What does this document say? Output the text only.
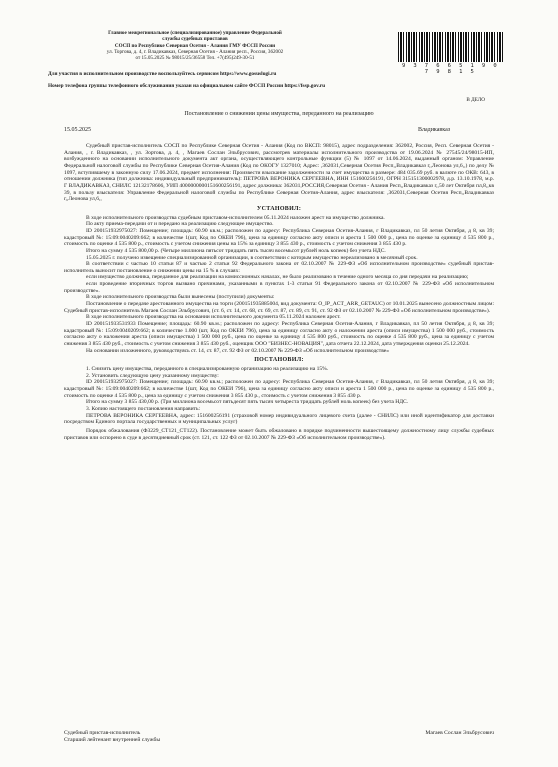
Главное межрегиональное (специализированное) управление Федеральной
службы судебных приставов
СОСП по Республике Северная Осетия - Алания ГМУ ФССП России
ул. Торгова, д. 4, г. Владикавказ, Северная Осетия - Алания респ., Россия, 362002
от 15.05.2025 № 98015/25/36558 Тел. +7(495)249-30-51
9 3 7 6 6 5 1 9 0 7 9 8 1 5
Для участия в исполнительном производстве воспользуйтесь сервисом https://www.gosuslugi.ru
Номер телефона группы телефонного обслуживания указан на официальном сайте ФССП России https://fssp.gov.ru
В ДЕЛО
Постановление о снижении цены имущества, переданного на реализацию
15.05.2025	Владикавказ

Судебный пристав-исполнитель СОСП по Республике Северная Осетия - Алания (Код по ВКСП: 98015), адрес подразделения: 362002, Россия, Респ. Северная Осетия - Алания, , г. Владикавказ, , ул. Зортова, д. 4, , Магаев Сослан Эльбрусович, рассмотрев материалы исполнительного производства от 19.06.2024 № 27545/24/98015-ИП, возбужденного на основании исполнительного документа акт органа, осуществляющего контрольные функции (5) № 1097 от 14.06.2024, выданный органом: Управление Федеральной налоговой службы по Республике Северная Осетия-Алания (Код по ОКОГУ 1327010; Адрес: ,362031,Северная Осетия Респ,,Владикавказ г,,Леонова ул,6,,) по делу № 1097, вступившему в законную силу 17.06.2024, предмет исполнения: Произвести взыскание задолженности за счет имущества в размере: 484 035.69 руб. в валюте по ОКВ: 643, в отношении должника (тип должника: индивидуальный предприниматель): ПЕТРОВА ВЕРОНИКА СЕРГЕЕВНА, ИНН 151600256191, ОГРН 315151300002978, д.р. 13.10.1978, м.р. Г ВЛАДИКАВКАЗ, СНИЛС 12132178606, УИП 400000000015160025619​1, адрес должника: 362031,РОССИЯ,Северная Осетия - Алания Респ,,Владикавказ г,,50 лет Октября пл,8,,кв 39, в пользу взыскателя: Управление Федеральной налоговой службы по Республике Северная Осетия-Алания, адрес взыскателя: ,362031,Северная Осетия Респ,,Владикавказ г,,Леонова ул,6,,

УСТАНОВИЛ:

В ходе исполнительного производства судебным приставом-исполнителем 05.11.2024 наложен арест на имущество должника.

По акту приема-передачи от и передано на реализацию следующее имущество.

ID 200151932975027: Помещение; площадь: 60.90 кв.м.; расположен по адресу: Республика Северная Осетия-Алания, г Владикавказ, пл 50 летия Октября, д 8, кв 39; кадастровый №: 15:09:0040209:662; в количестве 1(шт, Код по ОКЕИ 796), цена за единицу согласно акту описи и ареста 1 500 000 р., цена по оценке за единицу 4 535 800 р., стоимость по оценке 4 535 800 р., стоимость с учетом снижения цены на 15% за единицу 3 855 430 р., стоимость с учетом снижения 3 855 430 р.

Итого на сумму 4 535 800,00 р. (Четыре миллиона пятьсот тридцать пять тысяч восемьсот рублей ноль копеек) без учета НДС.

15.05.2025 г. получено извещение специализированной организации, в соответствии с которым имущество нереализовано в месячный срок.

В соответствии с частью 10 статьи 87 и частью 2 статьи 92 Федерального закона от 02.10.2007 № 229-ФЗ «Об исполнительном производстве» судебный пристав-исполнитель выносит постановление о снижении цены на 15 % в случаях:

если имущество должника, переданное для реализации на комиссионных началах, не было реализовано в течение одного месяца со дня передачи на реализацию;

если проведение вторичных торгов вызвано причинами, указанными в пунктах 1-3 статьи 91 Федерального закона от 02.10.2007 № 229-ФЗ «Об исполнительном производстве».

В ходе исполнительного производства были вынесены (поступили) документы:

Постановление о передаче арестованного имущества на торги (200151935885004, вид документа: O_IP_ACT_ARR_GETAUC) от 10.01.2025 вынесено должностным лицом: Судебный пристав-исполнитель Магаев Сослан Эльбрусович, (ст. 6, ст. 14, ст. 68, ст. 69, ст. 87, ст. 89, ст. 91, ст. 92 ФЗ от 02.10.2007 № 229-ФЗ «Об исполнительном производстве»).

В ходе исполнительного производства на основании исполнительного документа 05.11.2024 наложен арест.

ID 200151933531933 Помещение; площадь: 60.90 кв.м.; расположен по адресу: Республика Северная Осетия-Алания, г Владикавказ, пл 50 летия Октября, д 8, кв 39; кадастровый №: 15:09:0040209:662; в количестве 1.000 (шт, Код по ОКЕИ 796), цена за единицу согласно акту о наложении ареста (описи имущества) 1 500 000 руб., стоимость согласно акту о наложении ареста (описи имущества) 1 500 000 руб., цена по оценке за единицу 4 535 800 руб., стоимость по оценке 4 535 800 руб., цена за единицу с учетом снижения 3 855 430 руб., стоимость с учетом снижения 3 855 430 руб., оценщик ООО "БИЗНЕС-НОВАЦИЯ", дата отчета 22.12.2024, дата утверждения оценки 25.12.2024.

На основании изложенного, руководствуясь ст. 14, ст. 87, ст. 92 ФЗ от 02.10.2007 № 229-ФЗ «Об исполнительном производстве»

ПОСТАНОВИЛ:

1. Снизить цену имущества, переданного в специализированную организацию на реализацию на 15%.

2. Установить следующую цену указанному имуществу:

ID 200151932975027: Помещение; площадь: 60.90 кв.м.; расположен по адресу: Республика Северная Осетия-Алания, г Владикавказ, пл 50 летия Октября, д 8, кв 39; кадастровый №: 15:09:0040209:662; в количестве 1(шт, Код по ОКЕИ 796), цена за единицу согласно акту описи и ареста 1 500 000 р., цена по оценке за единицу 4 535 800 р., стоимость по оценке 4 535 800 р., цена за единицу с учетом снижения 3 855 430 р., стоимость с учетом снижения 3 855 430 р.

Итого на сумму 3 855 430,00 р. (Три миллиона восемьсот пятьдесят пять тысяч четыреста тридцать рублей ноль копеек) без учета НДС.

3. Копию настоящего постановления направить:

ПЕТРОВА ВЕРОНИКА СЕРГЕЕВНА, адрес: 151600256191 (страховой номер индивидуального лицевого счета (далее - СНИЛС) или иной идентификатор для доставки посредством Единого портала государственных и муниципальных услуг)

Порядок обжалования (Ф3229_СТ121_СТ122). Постановление может быть обжаловано в порядке подчиненности вышестоящему должностному лицу службы судебных приставов или оспорено в суде в десятидневный срок (ст. 121, ст. 122 ФЗ от 02.10.2007 № 229-ФЗ «Об исполнительном производстве»).

Судебный пристав-исполнитель	Магаев Сослан Эльбрусович
Старший лейтенант внутренней службы
